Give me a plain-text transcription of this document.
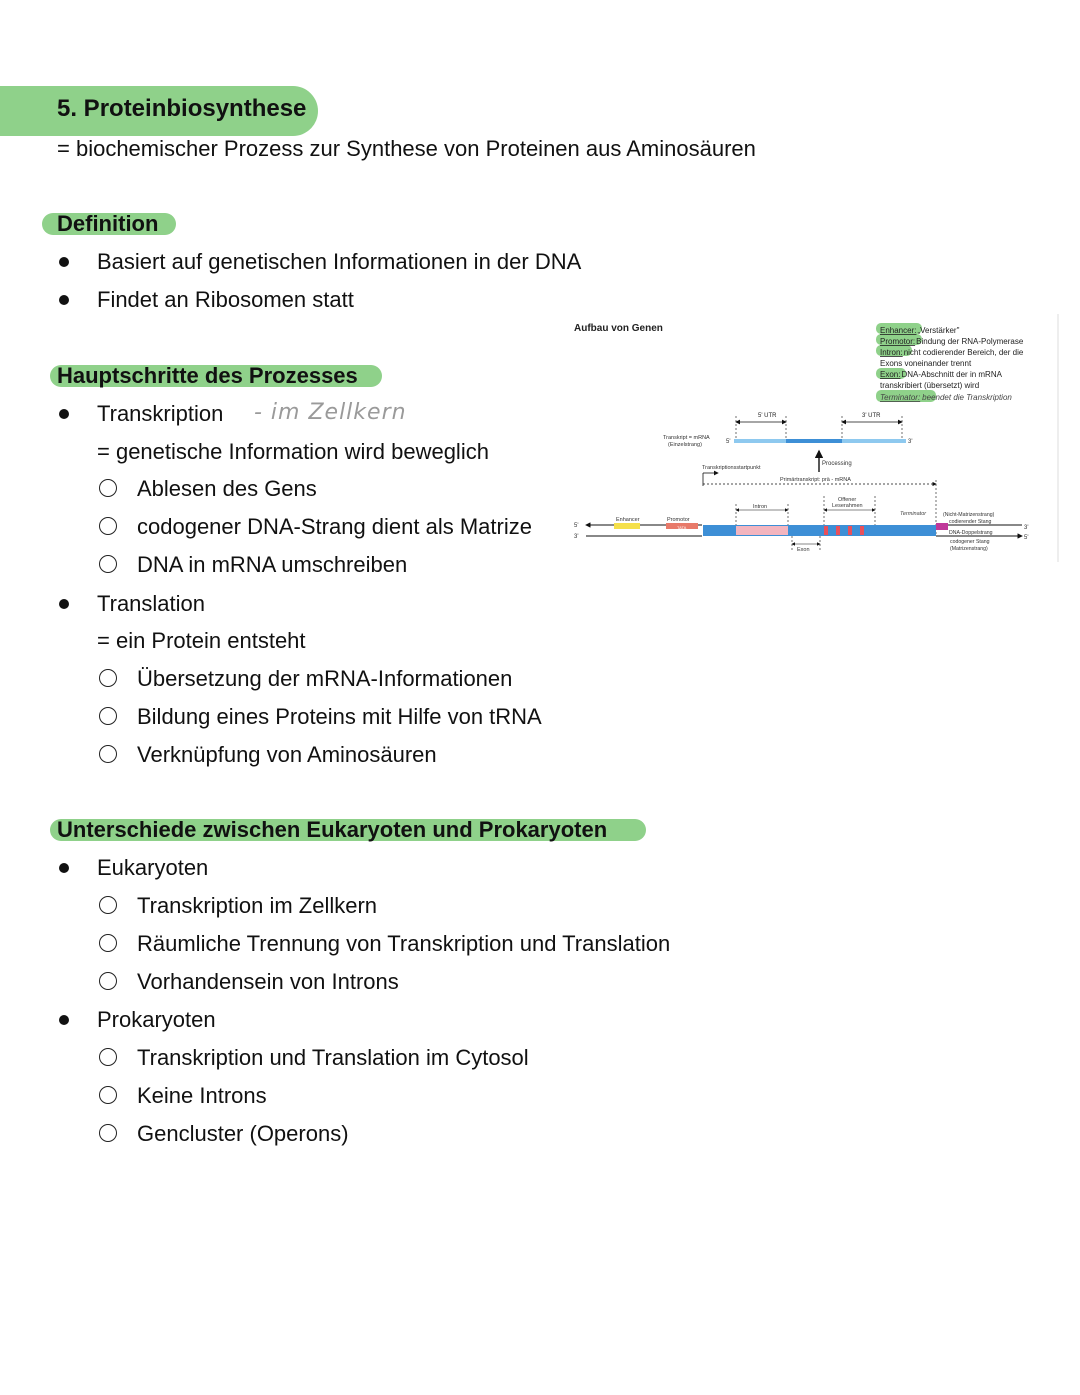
5. Proteinbiosynthese
= biochemischer Prozess zur Synthese von Proteinen aus Aminosäuren
Definition
Basiert auf genetischen Informationen in der DNA
Findet an Ribosomen statt
Hauptschritte des Prozesses
Transkription - im Zellkern
= genetische Information wird beweglich
Ablesen des Gens
codogener DNA-Strang dient als Matrize
DNA in mRNA umschreiben
Translation
= ein Protein entsteht
Übersetzung der mRNA-Informationen
Bildung eines Proteins mit Hilfe von tRNA
Verknüpfung von Aminosäuren
Unterschiede zwischen Eukaryoten und Prokaryoten
Eukaryoten
Transkription im Zellkern
Räumliche Trennung von Transkription und Translation
Vorhandensein von Introns
Prokaryoten
Transkription und Translation im Cytosol
Keine Introns
Gencluster (Operons)
Aufbau von Genen	Enhancer:„Verstärker"
Promotor:Bindung der RNA-Polymerase
Intron:nicht codierender Bereich, der die
Exons voneinander trennt
Exon:DNA-Abschnitt der in mRNA
transkribiert (übersetzt) wird
Terminator: beendet die Transkription
5' UTR	3' UTR
Transkript = mRNA
(Einzelstrang)	5'	3'
Processing
Transkriptionsstartpunkt
Primärtranskript: prä - mRNA
Intron
Offener
Leserahmen
5'
3'
Enhancer	Promotor
TATA
Terminator
Exon
3'
5'
(Nicht-Matrizenstrang)
codierender Stang
DNA-Doppelstrang
codogener Stang
(Matrizenstrang)
